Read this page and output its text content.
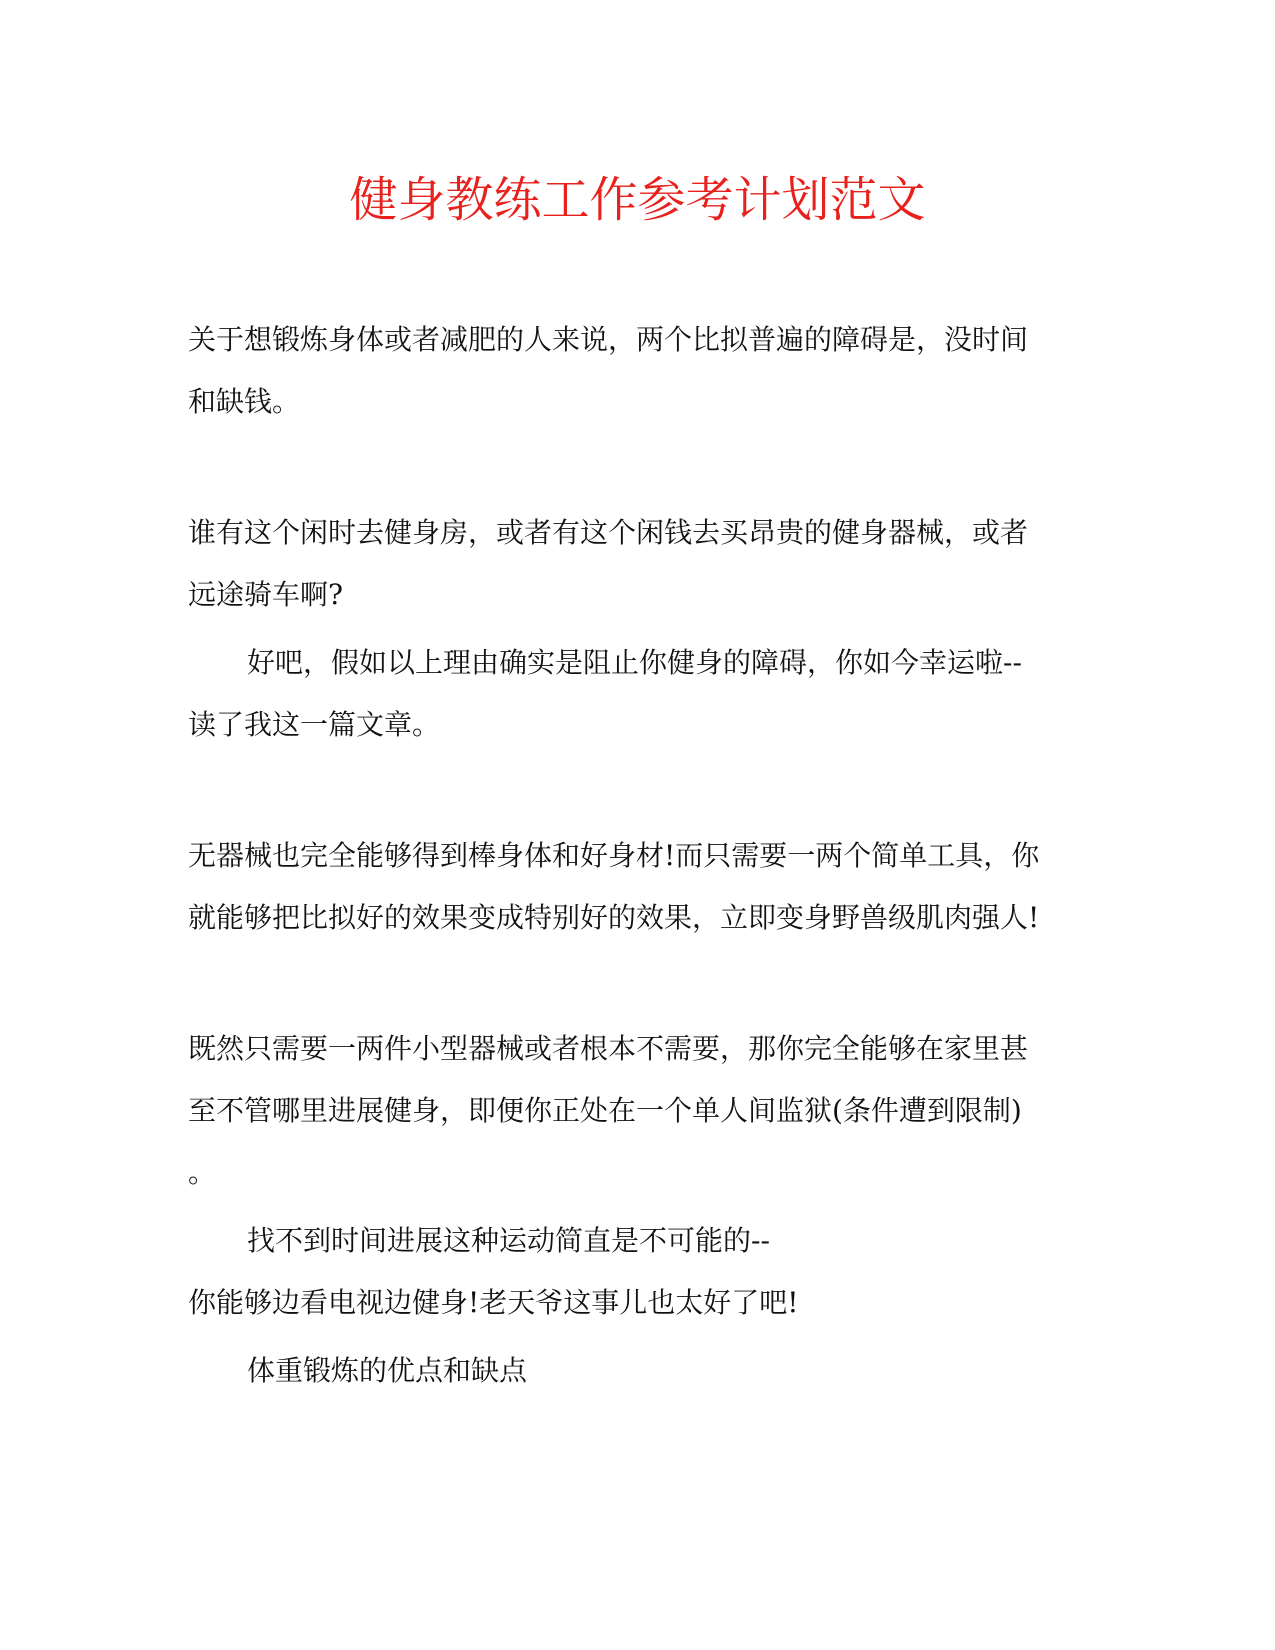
健身教练工作参考计划范文

关于想锻炼身体或者减肥的人来说，两个比拟普遍的障碍是，没时间

和缺钱。

谁有这个闲时去健身房，或者有这个闲钱去买昂贵的健身器械，或者

远途骑车啊?

好吧，假如以上理由确实是阻止你健身的障碍，你如今幸运啦--

读了我这一篇文章。

无器械也完全能够得到棒身体和好身材!而只需要一两个简单工具，你

就能够把比拟好的效果变成特别好的效果，立即变身野兽级肌肉强人!

既然只需要一两件小型器械或者根本不需要，那你完全能够在家里甚

至不管哪里进展健身，即便你正处在一个单人间监狱(条件遭到限制)

。

找不到时间进展这种运动简直是不可能的--

你能够边看电视边健身!老天爷这事儿也太好了吧!

体重锻炼的优点和缺点
